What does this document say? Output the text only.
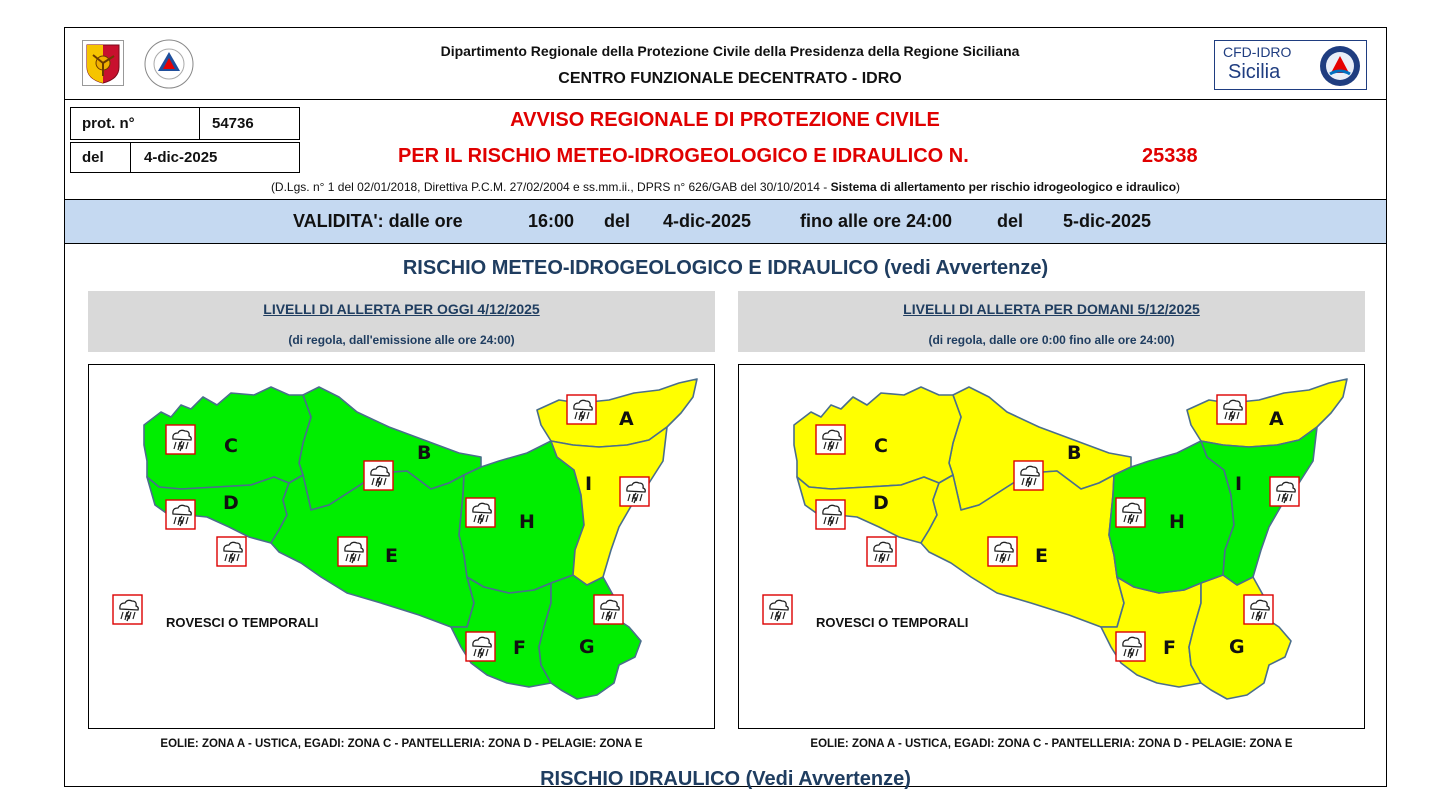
CFD-IDRO
Sicilia
Dipartimento Regionale della Protezione Civile della Presidenza della Regione Siciliana
CENTRO FUNZIONALE DECENTRATO - IDRO
prot. n°	54736
del	4-dic-2025
AVVISO REGIONALE DI PROTEZIONE CIVILE
PER IL RISCHIO METEO-IDROGEOLOGICO E IDRAULICO N.	25338
(D.Lgs. n° 1 del 02/01/2018, Direttiva P.C.M. 27/02/2004 e ss.mm.ii., DPRS n° 626/GAB del 30/10/2014 - Sistema di allertamento per rischio idrogeologico e idraulico)
VALIDITA': dalle ore	16:00 del 4-dic-2025	fino alle ore 24:00 del 5-dic-2025
RISCHIO METEO-IDROGEOLOGICO E IDRAULICO (vedi Avvertenze)
LIVELLI DI ALLERTA PER OGGI 4/12/2025
(di regola, dall'emissione alle ore 24:00)
LIVELLI DI ALLERTA PER DOMANI 5/12/2025
(di regola, dalle ore 0:00 fino alle ore 24:00)
A
B
C
D
E
F	G
H
I
ROVESCI O TEMPORALI
A
B
C
D
E
F	G
H
I
ROVESCI O TEMPORALI
EOLIE: ZONA A - USTICA, EGADI: ZONA C - PANTELLERIA: ZONA D - PELAGIE: ZONA E	EOLIE: ZONA A - USTICA, EGADI: ZONA C - PANTELLERIA: ZONA D - PELAGIE: ZONA E
RISCHIO IDRAULICO (Vedi Avvertenze)
